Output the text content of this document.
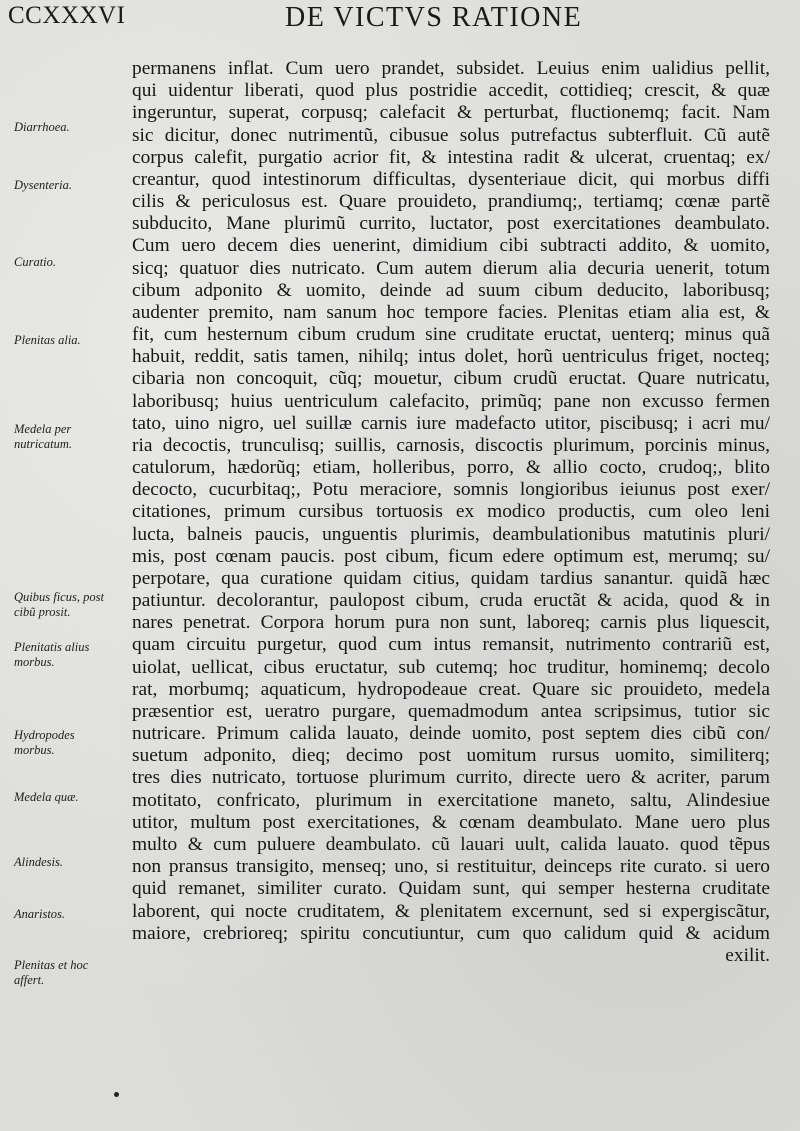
CCXXXVI	DE VICTVS RATIONE
Diarrhoea.
Dysenteria.
Curatio.
Plenitas alia.
Medela per nutricatum.
Quibus ficus, post cibũ prosit.
Plenitatis alius morbus.
Hydropodes morbus.
Medela quæ.
Alindesis.
Anaristos.
Plenitas et hoc affert.
permanens inflat. Cum uero prandet, subsidet. Leuius enim ualidius pellit,
qui uidentur liberati, quod plus postridie accedit, cottidieq; crescit, & quæ
ingeruntur, superat, corpusq; calefacit & perturbat, fluctionemq; facit. Nam
sic dicitur, donec nutrimentũ, cibusue solus putrefactus subterfluit. Cũ autẽ
corpus calefit, purgatio acrior fit, & intestina radit & ulcerat, cruentaq; ex/
creantur, quod intestinorum difficultas, dysenteriaue dicit, qui morbus diffi
cilis & periculosus est. Quare prouideto, prandiumq;, tertiamq; cœnæ partẽ
subducito, Mane plurimũ currito, luctator, post exercitationes deambulato.
Cum uero decem dies uenerint, dimidium cibi subtracti addito, & uomito,
sicq; quatuor dies nutricato. Cum autem dierum alia decuria uenerit, totum
cibum adponito & uomito, deinde ad suum cibum deducito, laboribusq;
audenter premito, nam sanum hoc tempore facies. Plenitas etiam alia est, &
fit, cum hesternum cibum crudum sine cruditate eructat, uenterq; minus quã
habuit, reddit, satis tamen, nihilq; intus dolet, horũ uentriculus friget, nocteq;
cibaria non concoquit, cũq; mouetur, cibum crudũ eructat. Quare nutricatu,
laboribusq; huius uentriculum calefacito, primũq; pane non excusso fermen
tato, uino nigro, uel suillæ carnis iure madefacto utitor, piscibusq; i acri mu/
ria decoctis, trunculisq; suillis, carnosis, discoctis plurimum, porcinis minus,
catulorum, hædorũq; etiam, holleribus, porro, & allio cocto, crudoq;, blito
decocto, cucurbitaq;, Potu meraciore, somnis longioribus ieiunus post exer/
citationes, primum cursibus tortuosis ex modico productis, cum oleo leni
lucta, balneis paucis, unguentis plurimis, deambulationibus matutinis pluri/
mis, post cœnam paucis. post cibum, ficum edere optimum est, merumq; su/
perpotare, qua curatione quidam citius, quidam tardius sanantur. quidã hæc
patiuntur. decolorantur, paulopost cibum, cruda eructãt & acida, quod & in
nares penetrat. Corpora horum pura non sunt, laboreq; carnis plus liquescit,
quam circuitu purgetur, quod cum intus remansit, nutrimento contrariũ est,
uiolat, uellicat, cibus eructatur, sub cutemq; hoc truditur, hominemq; decolo
rat, morbumq; aquaticum, hydropodeaue creat. Quare sic prouideto, medela
præsentior est, ueratro purgare, quemadmodum antea scripsimus, tutior sic
nutricare. Primum calida lauato, deinde uomito, post septem dies cibũ con/
suetum adponito, dieq; decimo post uomitum rursus uomito, similiterq;
tres dies nutricato, tortuose plurimum currito, directe uero & acriter, parum
motitato, confricato, plurimum in exercitatione maneto, saltu, Alindesiue
utitor, multum post exercitationes, & cœnam deambulato. Mane uero plus
multo & cum puluere deambulato. cũ lauari uult, calida lauato. quod tẽpus
non pransus transigito, menseq; uno, si restituitur, deinceps rite curato. si uero
quid remanet, similiter curato. Quidam sunt, qui semper hesterna cruditate
laborent, qui nocte cruditatem, & plenitatem excernunt, sed si expergiscãtur,
maiore, crebrioreq; spiritu concutiuntur, cum quo calidum quid & acidum
exilit.
